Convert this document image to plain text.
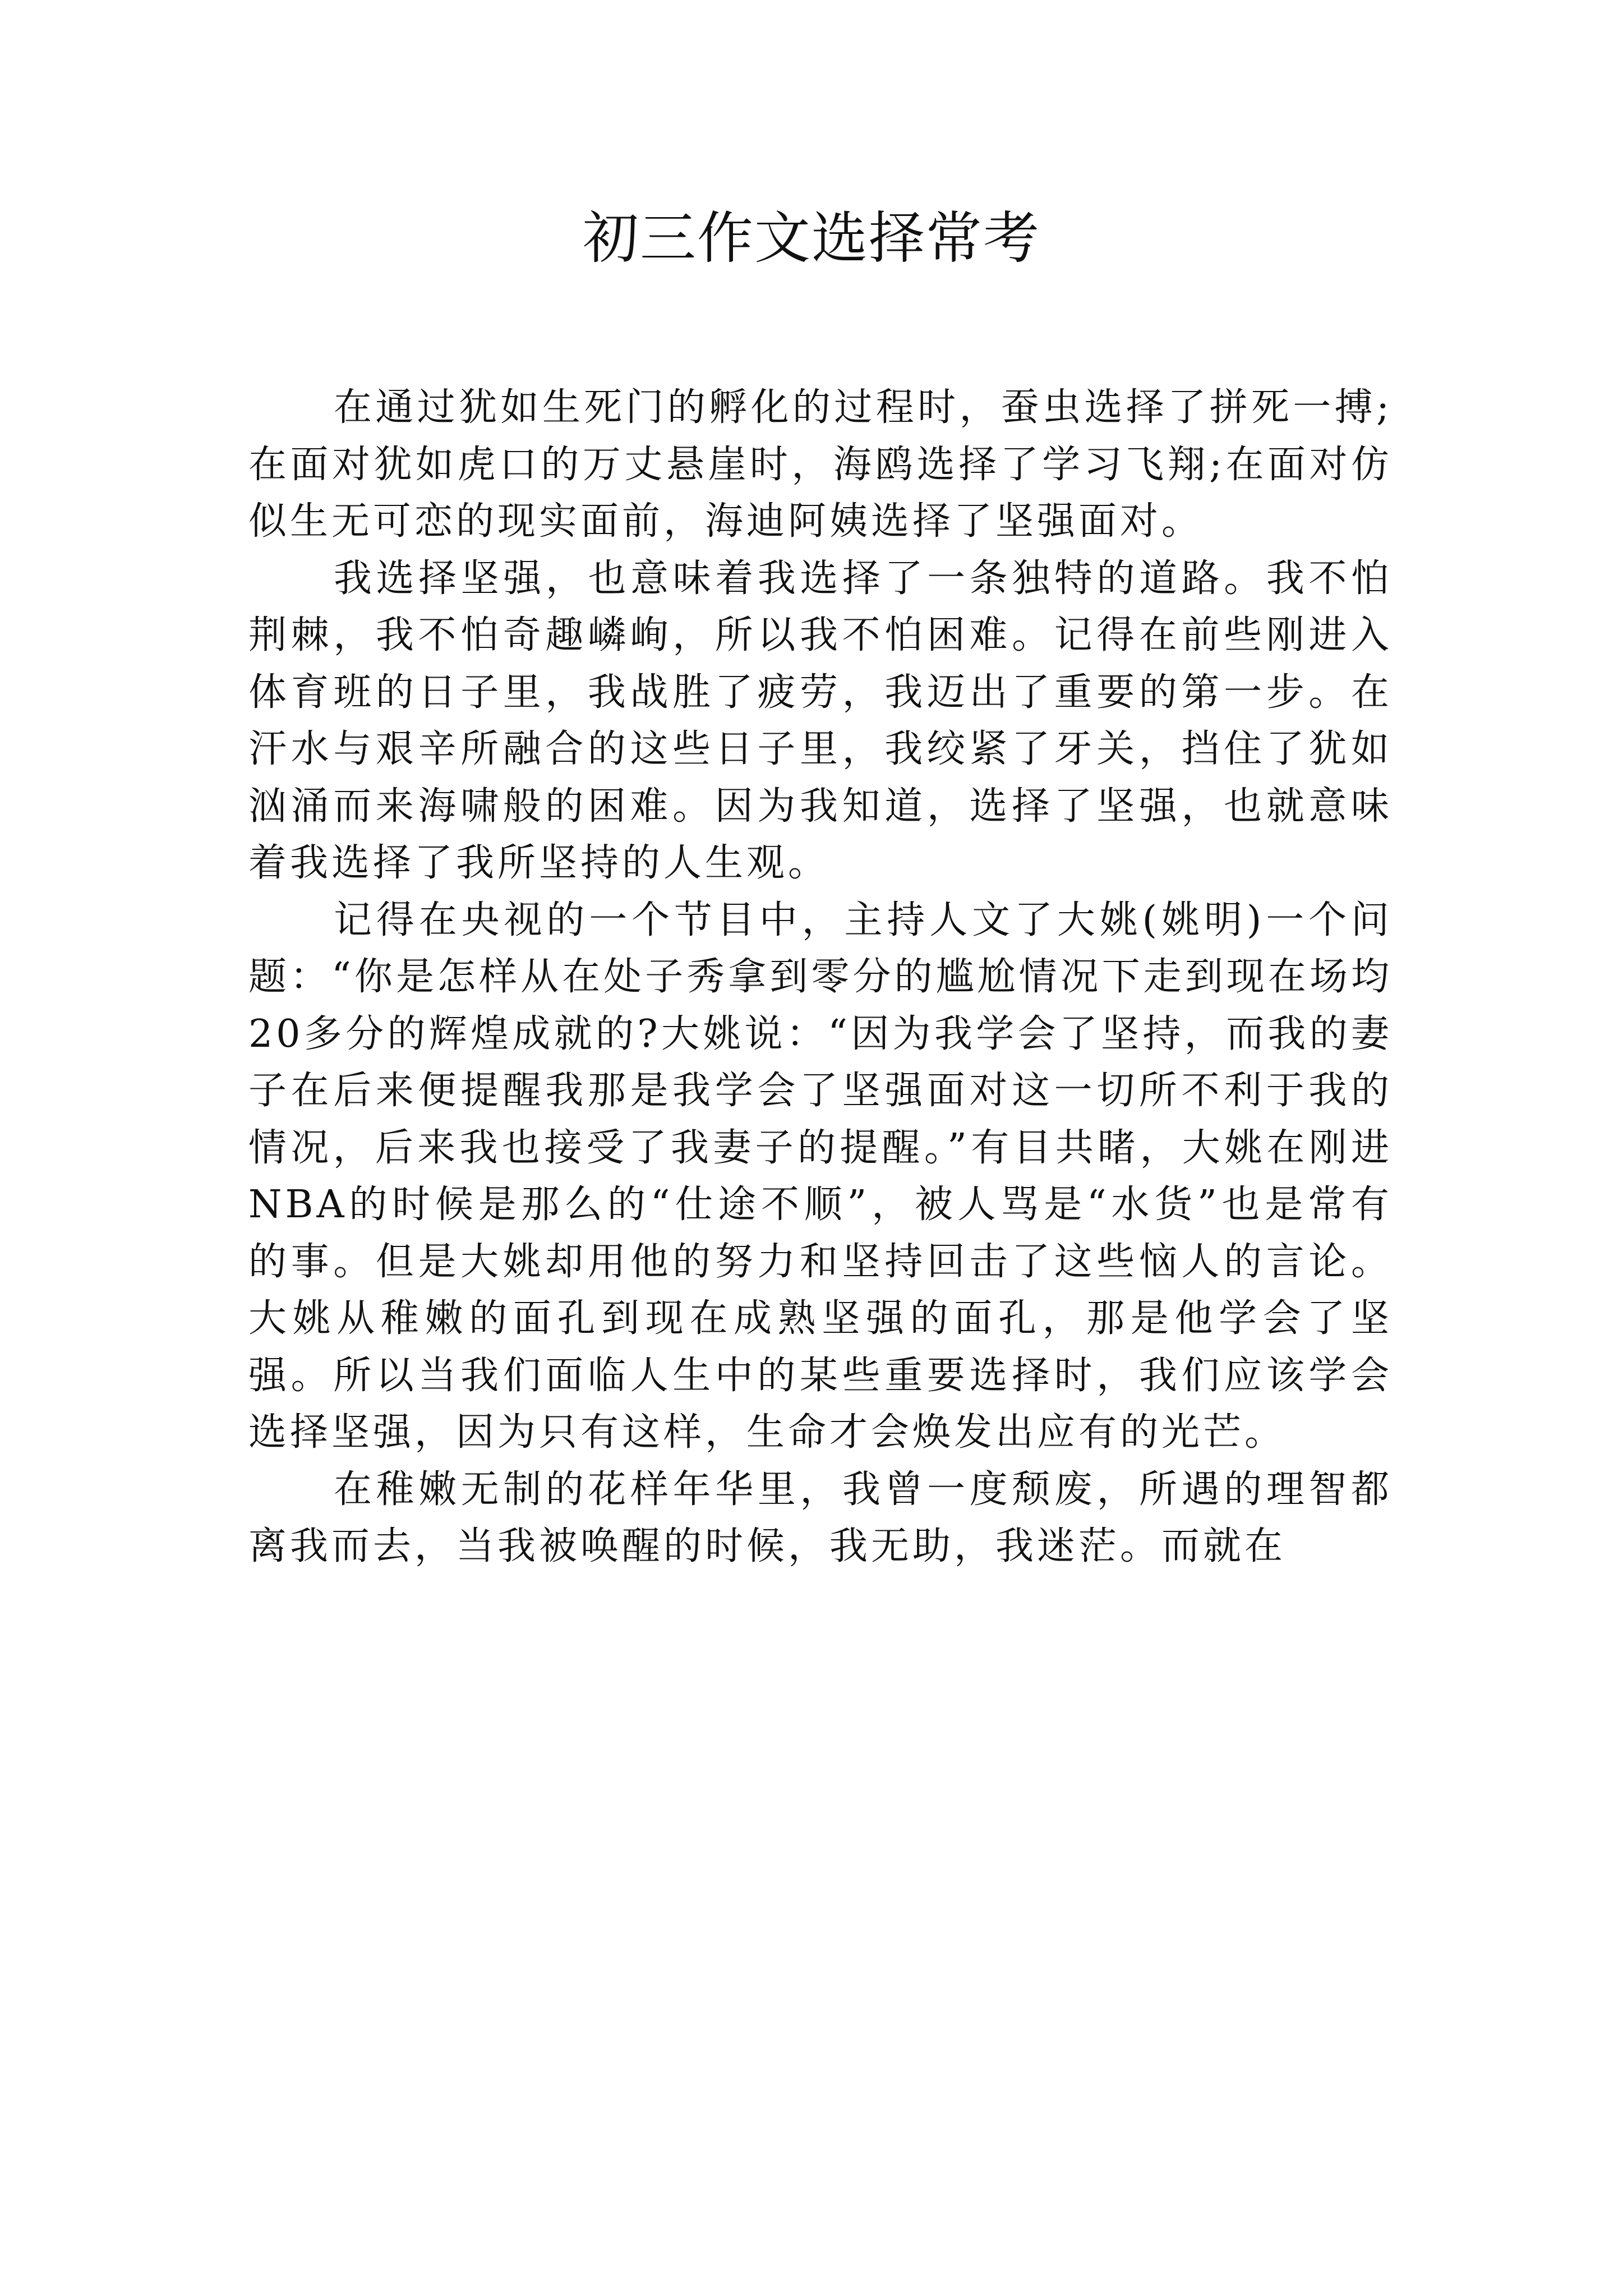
初三作文选择常考

在通过犹如生死门的孵化的过程时，蚕虫选择了拼死一搏;在面对犹如虎口的万丈悬崖时，海鸥选择了学习飞翔;在面对仿似生无可恋的现实面前，海迪阿姨选择了坚强面对。

我选择坚强，也意味着我选择了一条独特的道路。我不怕荆棘，我不怕奇趣嶙峋，所以我不怕困难。记得在前些刚进入体育班的日子里，我战胜了疲劳，我迈出了重要的第一步。在汗水与艰辛所融合的这些日子里，我绞紧了牙关，挡住了犹如汹涌而来海啸般的困难。因为我知道，选择了坚强，也就意味着我选择了我所坚持的人生观。

记得在央视的一个节目中，主持人文了大姚(姚明)一个问题：“你是怎样从在处子秀拿到零分的尴尬情况下走到现在场均20多分的辉煌成就的?大姚说：“因为我学会了坚持，而我的妻子在后来便提醒我那是我学会了坚强面对这一切所不利于我的情况，后来我也接受了我妻子的提醒。”有目共睹，大姚在刚进NBA的时候是那么的“仕途不顺”，被人骂是“水货”也是常有的事。但是大姚却用他的努力和坚持回击了这些恼人的言论。大姚从稚嫩的面孔到现在成熟坚强的面孔，那是他学会了坚强。所以当我们面临人生中的某些重要选择时，我们应该学会选择坚强，因为只有这样，生命才会焕发出应有的光芒。

在稚嫩无制的花样年华里，我曾一度颓废，所遇的理智都离我而去，当我被唤醒的时候，我无助，我迷茫。而就在
